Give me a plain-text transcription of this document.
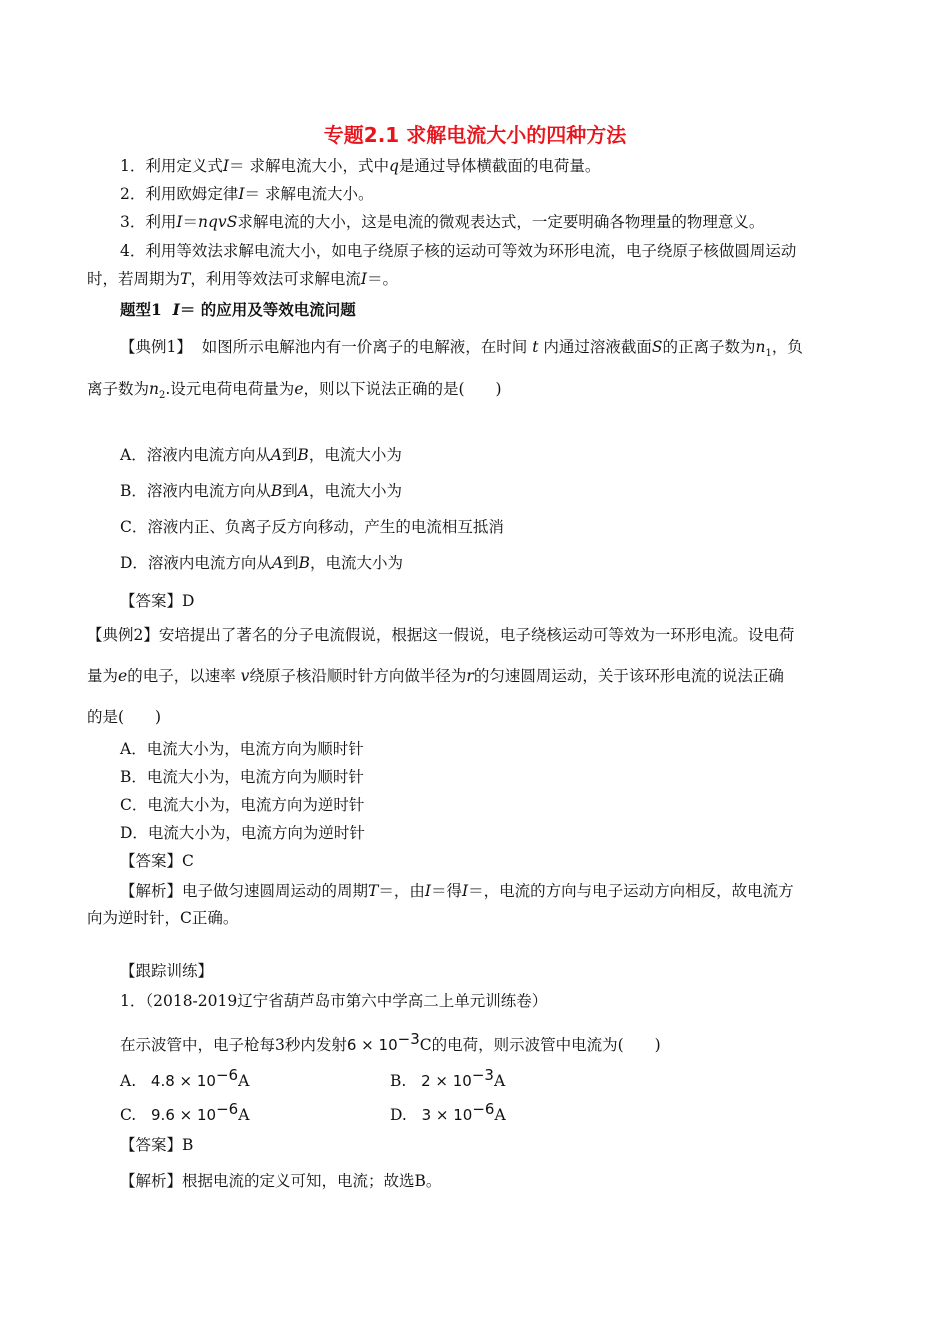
专题2.1 求解电流大小的四种方法
1．利用定义式I＝ 求解电流大小，式中q是通过导体横截面的电荷量。
2．利用欧姆定律I＝ 求解电流大小。
3．利用I＝nqvS求解电流的大小，这是电流的微观表达式，一定要明确各物理量的物理意义。
4．利用等效法求解电流大小，如电子绕原子核的运动可等效为环形电流，电子绕原子核做圆周运动
时，若周期为T，利用等效法可求解电流I＝。
题型1 I＝ 的应用及等效电流问题
【典例1】 如图所示电解池内有一价离子的电解液，在时间 t 内通过溶液截面S的正离子数为$n_1$，负
离子数为$n_2$.设元电荷电荷量为e，则以下说法正确的是(　　)
A．溶液内电流方向从A到B，电流大小为
B．溶液内电流方向从B到A，电流大小为
C．溶液内正、负离子反方向移动，产生的电流相互抵消
D．溶液内电流方向从A到B，电流大小为
【答案】D
【典例2】安培提出了著名的分子电流假说，根据这一假说，电子绕核运动可等效为一环形电流。设电荷
量为e的电子，以速率 v绕原子核沿顺时针方向做半径为r的匀速圆周运动，关于该环形电流的说法正确
的是(　　)
A．电流大小为，电流方向为顺时针
B．电流大小为，电流方向为顺时针
C．电流大小为，电流方向为逆时针
D．电流大小为，电流方向为逆时针
【答案】C
【解析】电子做匀速圆周运动的周期T＝，由I＝得I＝，电流的方向与电子运动方向相反，故电流方
向为逆时针，C正确。
【跟踪训练】
1．（2018-2019辽宁省葫芦岛市第六中学高二上单元训练卷）
在示波管中，电子枪每3秒内发射$6 \times 10^{-3}C$的电荷，则示波管中电流为(　　)
A. $4.8 \times 10^{-6}A$	B. $2 \times 10^{-3}A$
C. $9.6 \times 10^{-6}A$	D. $3 \times 10^{-6}A$
【答案】B
【解析】根据电流的定义可知，电流；故选B。
